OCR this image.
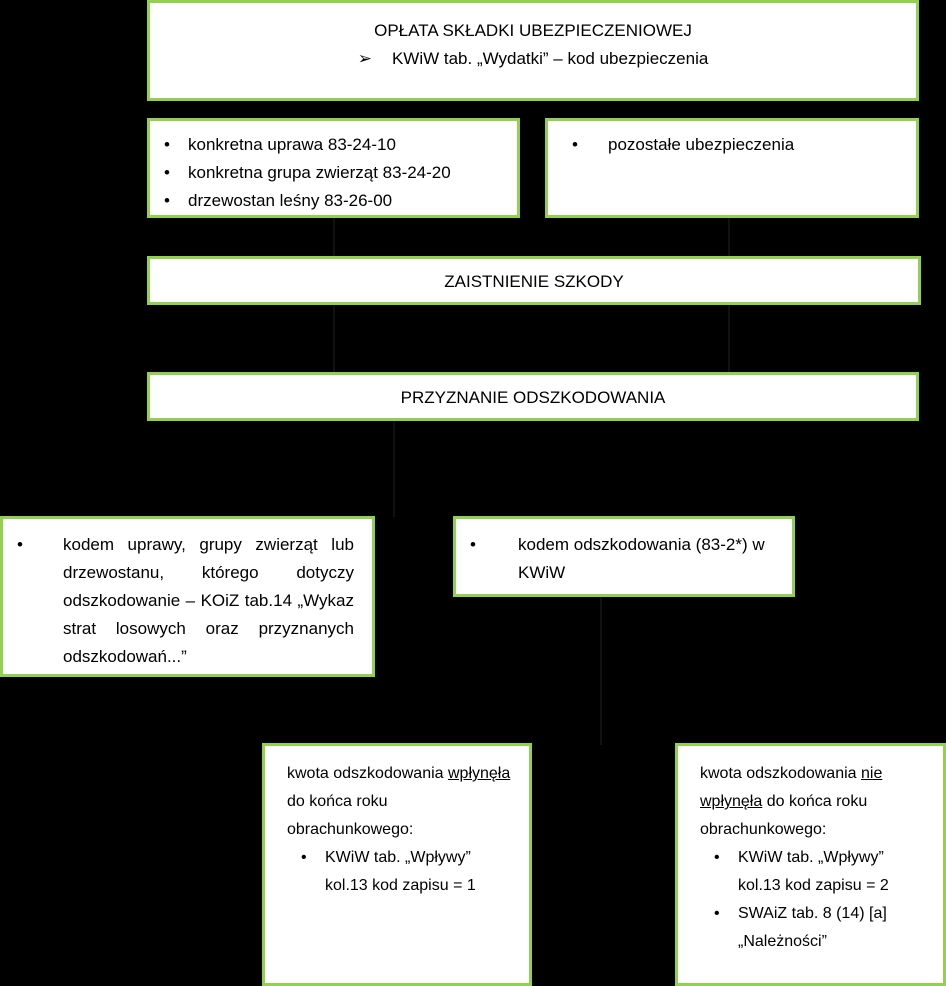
OPŁATA SKŁADKI UBEZPIECZENIOWEJ
➢ KWiW tab. „Wydatki” – kod ubezpieczenia
• konkretna uprawa 83-24-10
• konkretna grupa zwierząt 83-24-20
• drzewostan leśny 83-26-00
• pozostałe ubezpieczenia
ZAISTNIENIE SZKODY
PRZYZNANIE ODSZKODOWANIA
• kodem uprawy, grupy zwierząt lub drzewostanu, którego dotyczy odszkodowanie – KOiZ tab.14 „Wykaz strat losowych oraz przyznanych odszkodowań...”
• kodem odszkodowania (83-2*) w KWiW
kwota odszkodowania wpłynęła do końca roku obrachunkowego:
• KWiW tab. „Wpływy” kol.13 kod zapisu = 1
kwota odszkodowania nie wpłynęła do końca roku obrachunkowego:
• KWiW tab. „Wpływy” kol.13 kod zapisu = 2
• SWAiZ tab. 8 (14) [a] „Należności”
